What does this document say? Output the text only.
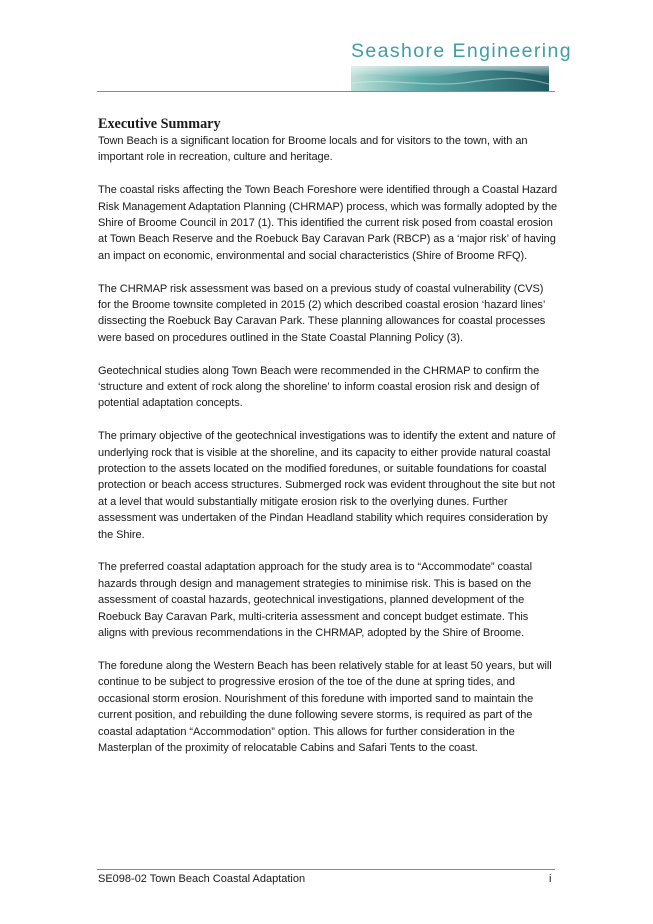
Seashore Engineering
Executive Summary

Town Beach is a significant location for Broome locals and for visitors to the town, with an important role in recreation, culture and heritage.

The coastal risks affecting the Town Beach Foreshore were identified through a Coastal Hazard Risk Management Adaptation Planning (CHRMAP) process, which was formally adopted by the Shire of Broome Council in 2017 (1). This identified the current risk posed from coastal erosion at Town Beach Reserve and the Roebuck Bay Caravan Park (RBCP) as a ‘major risk’ of having an impact on economic, environmental and social characteristics (Shire of Broome RFQ).

The CHRMAP risk assessment was based on a previous study of coastal vulnerability (CVS) for the Broome townsite completed in 2015 (2) which described coastal erosion ‘hazard lines’ dissecting the Roebuck Bay Caravan Park. These planning allowances for coastal processes were based on procedures outlined in the State Coastal Planning Policy (3).

Geotechnical studies along Town Beach were recommended in the CHRMAP to confirm the ‘structure and extent of rock along the shoreline’ to inform coastal erosion risk and design of potential adaptation concepts.

The primary objective of the geotechnical investigations was to identify the extent and nature of underlying rock that is visible at the shoreline, and its capacity to either provide natural coastal protection to the assets located on the modified foredunes, or suitable foundations for coastal protection or beach access structures. Submerged rock was evident throughout the site but not at a level that would substantially mitigate erosion risk to the overlying dunes. Further assessment was undertaken of the Pindan Headland stability which requires consideration by the Shire.

The preferred coastal adaptation approach for the study area is to “Accommodate” coastal hazards through design and management strategies to minimise risk. This is based on the assessment of coastal hazards, geotechnical investigations, planned development of the Roebuck Bay Caravan Park, multi-criteria assessment and concept budget estimate. This aligns with previous recommendations in the CHRMAP, adopted by the Shire of Broome.

The foredune along the Western Beach has been relatively stable for at least 50 years, but will continue to be subject to progressive erosion of the toe of the dune at spring tides, and occasional storm erosion. Nourishment of this foredune with imported sand to maintain the current position, and rebuilding the dune following severe storms, is required as part of the coastal adaptation “Accommodation” option. This allows for further consideration in the Masterplan of the proximity of relocatable Cabins and Safari Tents to the coast.

SE098-02 Town Beach Coastal Adaptation	i
